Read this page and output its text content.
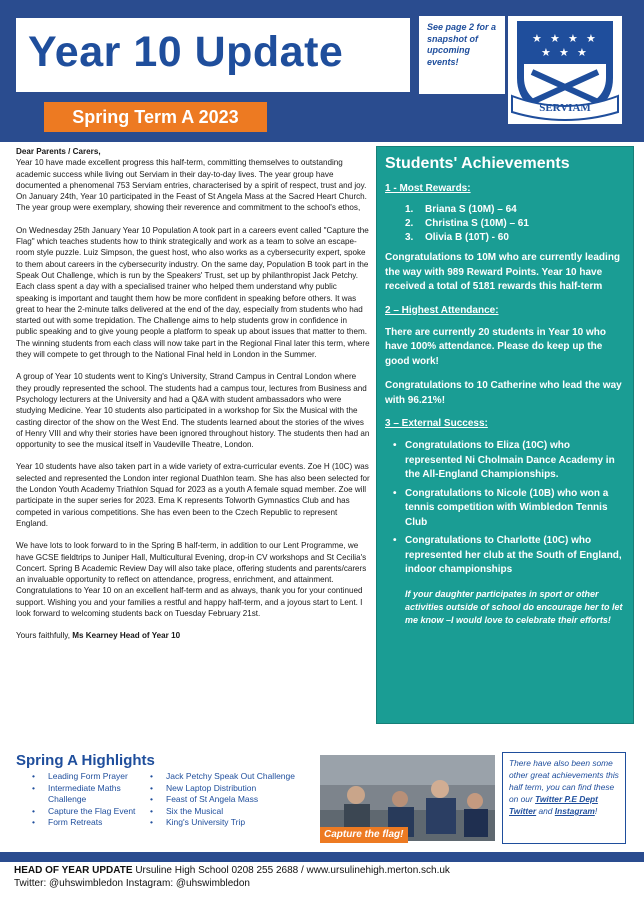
Year 10 Update
Spring Term A 2023
See page 2 for a snapshot of upcoming events!
★ ★ ★ ★
★ ★ ★
SERVIAM

Dear Parents / Carers,

Year 10 have made excellent progress this half-term, committing themselves to outstanding academic success while living out Serviam in their day-to-day lives. The year group have documented a phenomenal 753 Serviam entries, characterised by a spirit of respect, trust and joy. On January 24th, Year 10 participated in the Feast of St Angela Mass at the Sacred Heart Church. The year group were exemplary, showing their reverence and commitment to the school's ethos,

On Wednesday 25th January Year 10 Population A took part in a careers event called "Capture the Flag" which teaches students how to think strategically and work as a team to solve an escape-room style puzzle. Luiz Simpson, the guest host, who also works as a cybersecurity expert, spoke to them about careers in the cybersecurity industry. On the same day, Population B took part in the Speak Out Challenge, which is run by the Speakers' Trust, set up by philanthropist Jack Petchy. Each class spent a day with a specialised trainer who helped them understand why public speaking is important and taught them how be more confident in speaking before others. It was great to hear the 2-minute talks delivered at the end of the day, especially from students who had started out with some trepidation. The Challenge aims to help students grow in confidence in public speaking and to give young people a platform to speak up about issues that matter to them. The winning students from each class will now take part in the Regional Final later this term, where they will compete to get through to the National Final held in London in the Summer.

A group of Year 10 students went to King's University, Strand Campus in Central London where they proudly represented the school. The students had a campus tour, lectures from Business and Psychology lecturers at the University and had a Q&A with student ambassadors who were studying Medicine. Year 10 students also participated in a workshop for Six the Musical with the casting director of the show on the West End. The students learned about the stories of the wives of Henry VIII and why their stories have been ignored throughout history. The students then had an opportunity to see the musical itself in Vaudeville Theatre, London.

Year 10 students have also taken part in a wide variety of extra-curricular events. Zoe H (10C) was selected and represented the London inter regional Duathlon team. She has also been selected for the London Youth Academy Triathlon Squad for 2023 as a youth A female squad member. Zoe will participate in the super series for 2023. Ema K represents Tolworth Gymnastics Club and has competed in various competitions. She has even been to the Czech Republic to represent England.

We have lots to look forward to in the Spring B half-term, in addition to our Lent Programme, we have GCSE fieldtrips to Juniper Hall, Multicultural Evening, drop-in CV workshops and St Cecilia's Concert. Spring B Academic Review Day will also take place, offering students and parents/carers an invaluable opportunity to reflect on attendance, progress, enrichment, and attainment. Congratulations to Year 10 on an excellent half-term and as always, thank you for your continued support. Wishing you and your families a restful and happy half-term, and a joyous start to Lent. I look forward to welcoming students back on Tuesday February 21st.

Yours faithfully, Ms Kearney Head of Year 10

Students' Achievements
1 - Most Rewards:
1.	Briana S (10M) – 64
2.	Christina S (10M) – 61
3.	Olivia B (10T) - 60

Congratulations to 10M who are currently leading the way with 989 Reward Points. Year 10 have received a total of 5181 rewards this half-term

2 – Highest Attendance:

There are currently 20 students in Year 10 who have 100% attendance. Please do keep up the good work!

Congratulations to 10 Catherine who lead the way with 96.21%!

3 – External Success:
• Congratulations to Eliza (10C) who represented Ni Cholmain Dance Academy in the All-England Championships.
• Congratulations to Nicole (10B) who won a tennis competition with Wimbledon Tennis Club
• Congratulations to Charlotte (10C) who represented her club at the South of England, indoor championships

If your daughter participates in sport or other activities outside of school do encourage her to let me know –I would love to celebrate their efforts!

Spring A Highlights
•	Leading Form Prayer
•	Intermediate Maths Challenge
•	Capture the Flag Event
•	Form Retreats
•	Jack Petchy Speak Out Challenge
•	New Laptop Distribution
•	Feast of St Angela Mass
•	Six the Musical
•	King's University Trip
Capture the flag!
There have also been some other great achievements this half term, you can find these on our Twitter P.E Dept Twitter and Instagram!
HEAD OF YEAR UPDATE Ursuline High School 0208 255 2688 / www.ursulinehigh.merton.sch.uk
Twitter: @uhswimbledon Instagram: @uhswimbledon
